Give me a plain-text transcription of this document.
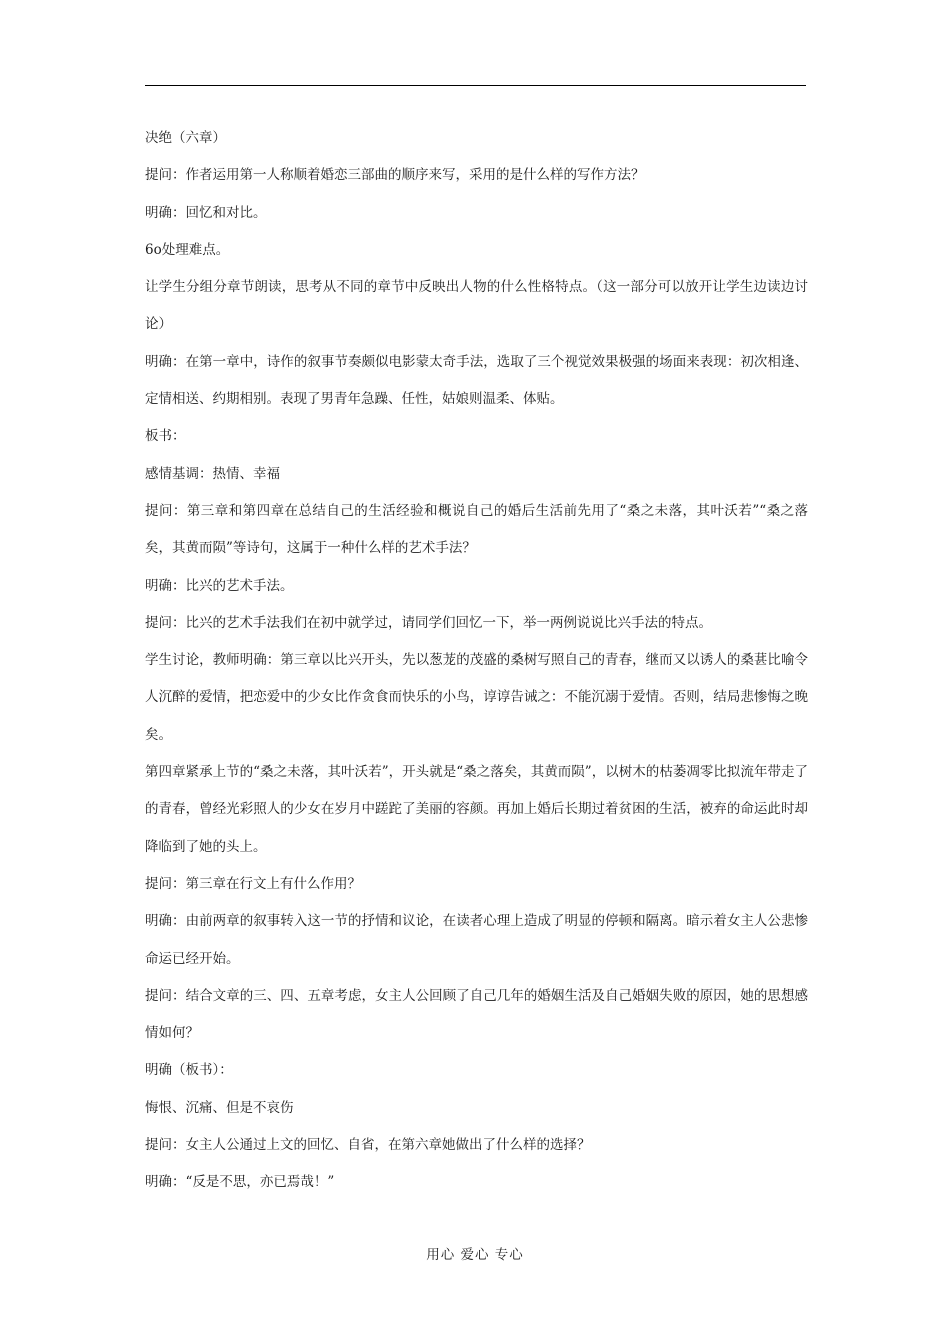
决绝（六章）

提问：作者运用第一人称顺着婚恋三部曲的顺序来写，采用的是什么样的写作方法？

明确：回忆和对比。

6o处理难点。

让学生分组分章节朗读，思考从不同的章节中反映出人物的什么性格特点。（这一部分可以放开让学生边读边讨论）

明确：在第一章中，诗作的叙事节奏颇似电影蒙太奇手法，选取了三个视觉效果极强的场面来表现：初次相逢、定情相送、约期相别。表现了男青年急躁、任性，姑娘则温柔、体贴。

板书：

感情基调：热情、幸福

提问：第三章和第四章在总结自己的生活经验和概说自己的婚后生活前先用了“桑之未落，其叶沃若”“桑之落矣，其黄而陨”等诗句，这属于一种什么样的艺术手法？

明确：比兴的艺术手法。

提问：比兴的艺术手法我们在初中就学过，请同学们回忆一下，举一两例说说比兴手法的特点。

学生讨论，教师明确：第三章以比兴开头，先以葱茏的茂盛的桑树写照自己的青春，继而又以诱人的桑葚比喻令人沉醉的爱情，把恋爱中的少女比作贪食而快乐的小鸟，谆谆告诫之：不能沉溺于爱情。否则，结局悲惨悔之晚矣。

第四章紧承上节的“桑之未落，其叶沃若”，开头就是“桑之落矣，其黄而陨”，以树木的枯萎凋零比拟流年带走了的青春，曾经光彩照人的少女在岁月中蹉跎了美丽的容颜。再加上婚后长期过着贫困的生活，被弃的命运此时却降临到了她的头上。

提问：第三章在行文上有什么作用？

明确：由前两章的叙事转入这一节的抒情和议论，在读者心理上造成了明显的停顿和隔离。暗示着女主人公悲惨命运已经开始。

提问：结合文章的三、四、五章考虑，女主人公回顾了自己几年的婚姻生活及自己婚姻失败的原因，她的思想感情如何？

明确（板书）：

悔恨、沉痛、但是不哀伤

提问：女主人公通过上文的回忆、自省，在第六章她做出了什么样的选择？

明确：“反是不思，亦已焉哉！”

用心 爱心 专心
